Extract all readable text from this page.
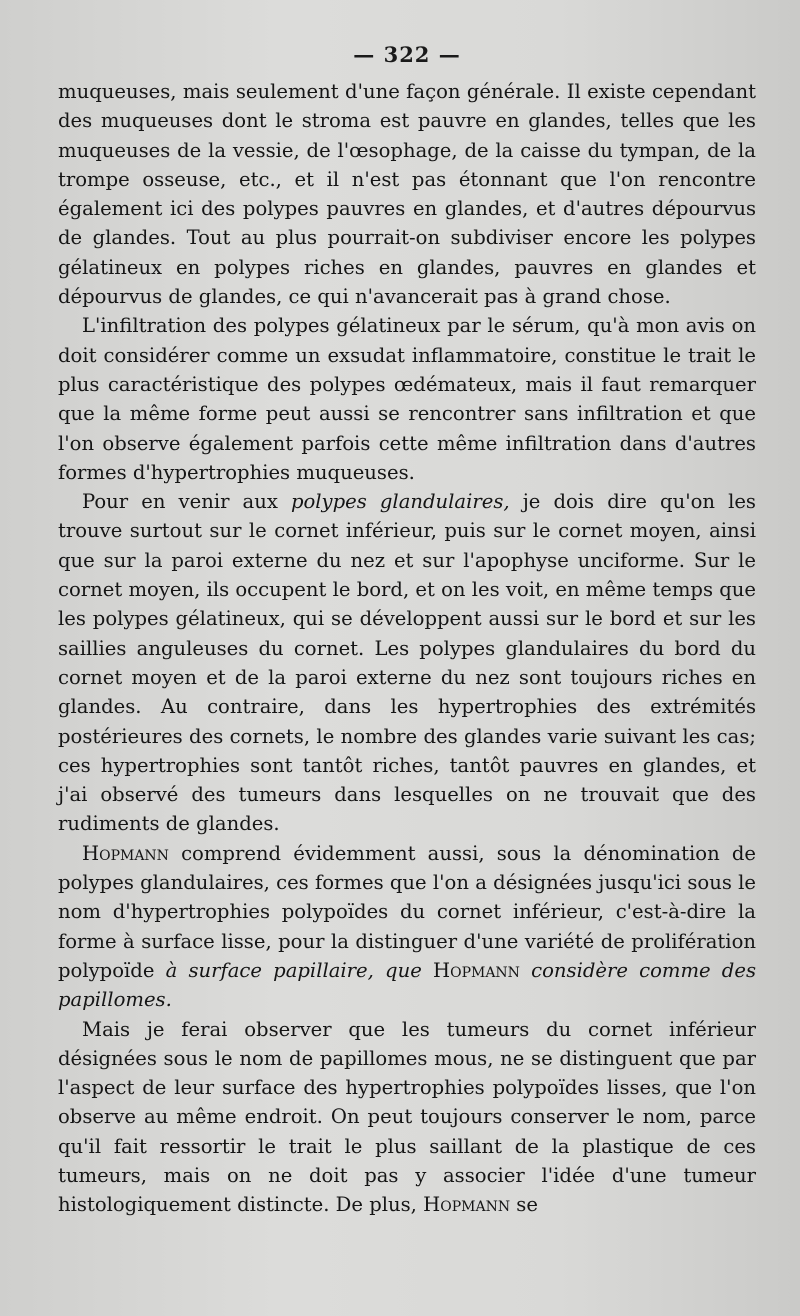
— 322 —

muqueuses, mais seulement d'une façon générale. Il existe cependant des muqueuses dont le stroma est pauvre en glandes, telles que les muqueuses de la vessie, de l'œsophage, de la caisse du tympan, de la trompe osseuse, etc., et il n'est pas étonnant que l'on rencontre également ici des polypes pauvres en glandes, et d'autres dépourvus de glandes. Tout au plus pourrait-on subdiviser encore les polypes gélatineux en polypes riches en glandes, pauvres en glandes et dépourvus de glandes, ce qui n'avancerait pas à grand chose.

L'infiltration des polypes gélatineux par le sérum, qu'à mon avis on doit considérer comme un exsudat inflammatoire, constitue le trait le plus caractéristique des polypes œdémateux, mais il faut remarquer que la même forme peut aussi se rencontrer sans infiltration et que l'on observe également parfois cette même infiltration dans d'autres formes d'hypertrophies muqueuses.

Pour en venir aux polypes glandulaires, je dois dire qu'on les trouve surtout sur le cornet inférieur, puis sur le cornet moyen, ainsi que sur la paroi externe du nez et sur l'apophyse unciforme. Sur le cornet moyen, ils occupent le bord, et on les voit, en même temps que les polypes gélatineux, qui se développent aussi sur le bord et sur les saillies anguleuses du cornet. Les polypes glandulaires du bord du cornet moyen et de la paroi externe du nez sont toujours riches en glandes. Au contraire, dans les hypertrophies des extrémités postérieures des cornets, le nombre des glandes varie suivant les cas; ces hypertrophies sont tantôt riches, tantôt pauvres en glandes, et j'ai observé des tumeurs dans lesquelles on ne trouvait que des rudiments de glandes.

Hopmann comprend évidemment aussi, sous la dénomination de polypes glandulaires, ces formes que l'on a désignées jusqu'ici sous le nom d'hypertrophies polypoïdes du cornet inférieur, c'est-à-dire la forme à surface lisse, pour la distinguer d'une variété de prolifération polypoïde à surface papillaire, que Hopmann considère comme des papillomes.

Mais je ferai observer que les tumeurs du cornet inférieur désignées sous le nom de papillomes mous, ne se distinguent que par l'aspect de leur surface des hypertrophies polypoïdes lisses, que l'on observe au même endroit. On peut toujours conserver le nom, parce qu'il fait ressortir le trait le plus saillant de la plastique de ces tumeurs, mais on ne doit pas y associer l'idée d'une tumeur histologiquement distincte. De plus, Hopmann se
